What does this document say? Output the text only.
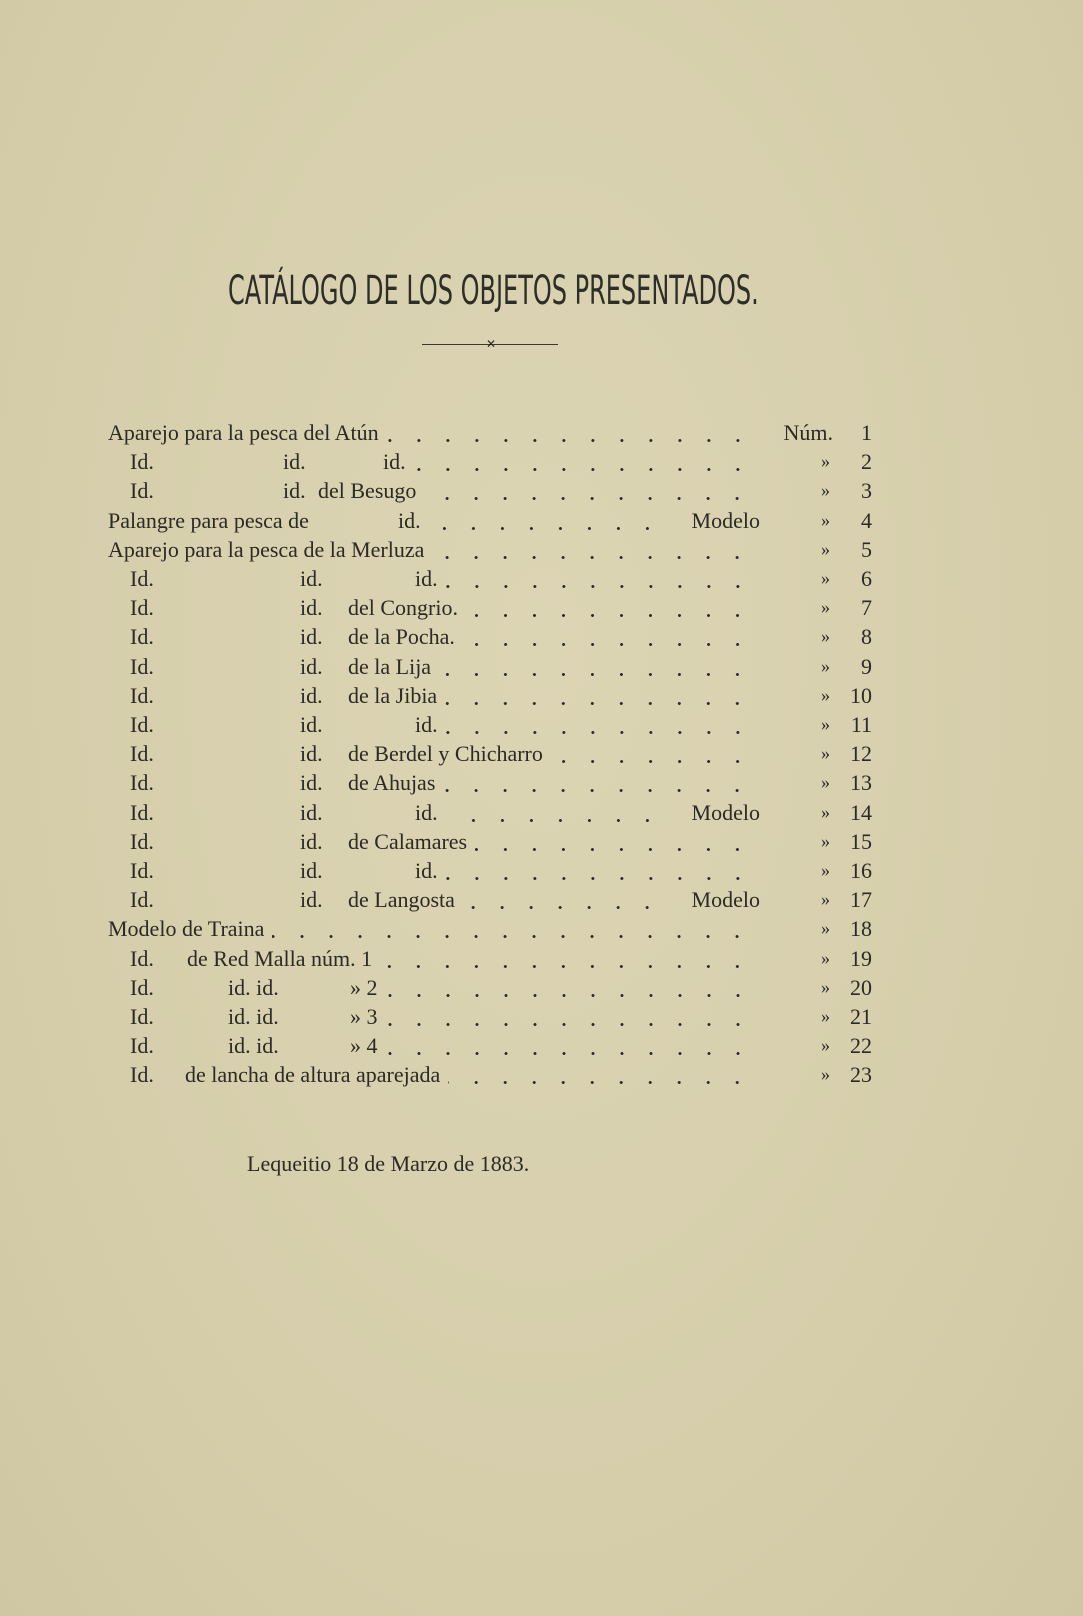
CATÁLOGO DE LOS OBJETOS PRESENTADOS.
✕
Aparejo para la pesca del Atún	Núm.	1
Id.	id.	id.	»	2
Id.	id. del Besugo	»	3
Palangre para pesca de	id.	Modelo	»	4
Aparejo para la pesca de la Merluza	»	5
Id.	id.	id.	»	6
Id.	id.	del Congrio.	»	7
Id.	id.	de la Pocha.	»	8
Id.	id.	de la Lija	»	9
Id.	id.	de la Jibia	» 10
Id.	id.	id.	» 11
Id.	id.	de Berdel y Chicharro	» 12
Id.	id.	de Ahujas	» 13
Id.	id.	id.	Modelo	» 14
Id.	id.	de Calamares	» 15
Id.	id.	id.	» 16
Id.	id.	de Langosta	Modelo	» 17
Modelo de Traina	» 18
Id.	de Red Malla núm. 1	» 19
Id.	id. id.	» 2	» 20
Id.	id. id.	» 3	» 21
Id.	id. id.	» 4	» 22
Id.	de lancha de altura aparejada	» 23
Lequeitio 18 de Marzo de 1883.
